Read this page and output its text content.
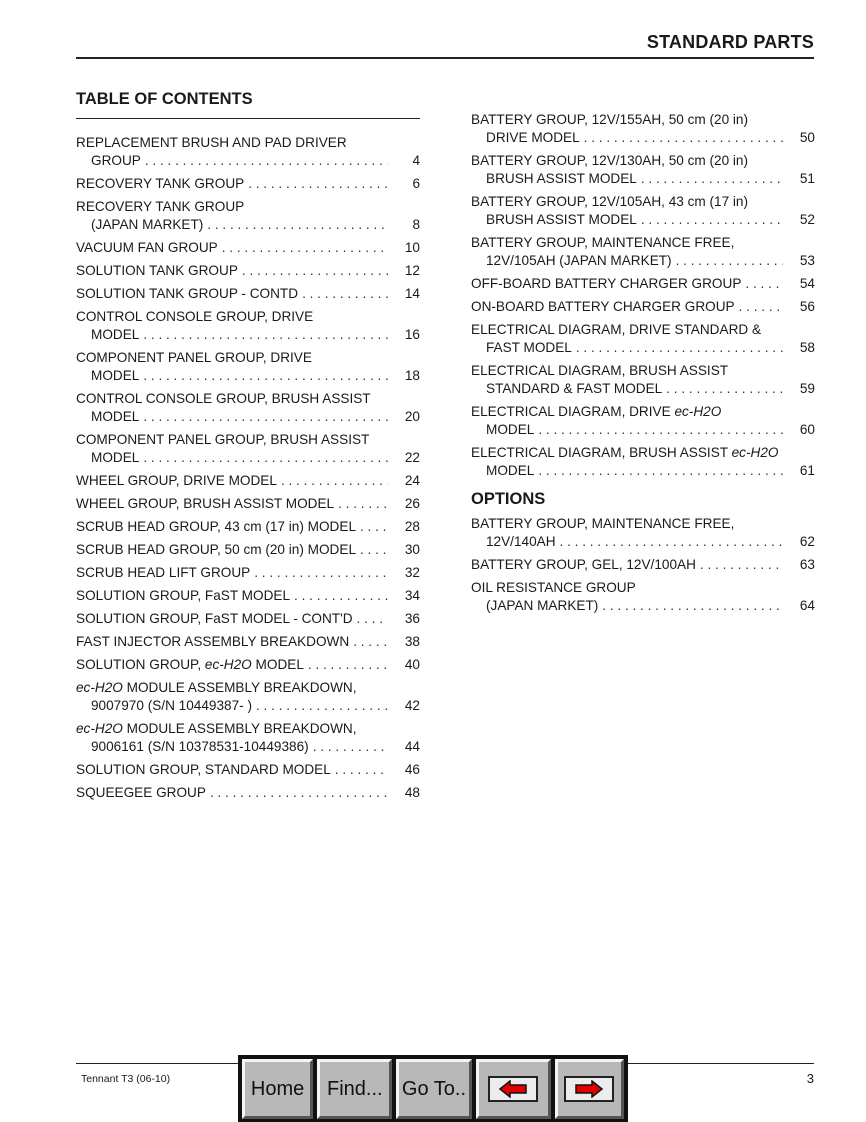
STANDARD PARTS
TABLE OF CONTENTS
REPLACEMENT BRUSH AND PAD DRIVER
GROUP . . .	4
RECOVERY TANK GROUP . . .	6
RECOVERY TANK GROUP
(JAPAN MARKET) . . .	8
VACUUM FAN GROUP . . .	10
SOLUTION TANK GROUP . . .	12
SOLUTION TANK GROUP - CONTD . . .	14
CONTROL CONSOLE GROUP, DRIVE
MODEL . . .	16
COMPONENT PANEL GROUP, DRIVE
MODEL . . .	18
CONTROL CONSOLE GROUP, BRUSH ASSIST
MODEL . . .	20
COMPONENT PANEL GROUP, BRUSH ASSIST
MODEL . . .	22
WHEEL GROUP, DRIVE MODEL . . .	24
WHEEL GROUP, BRUSH ASSIST MODEL . . .	26
SCRUB HEAD GROUP, 43 cm (17 in) MODEL . . .	28
SCRUB HEAD GROUP, 50 cm (20 in) MODEL . . .	30
SCRUB HEAD LIFT GROUP . . .	32
SOLUTION GROUP, FaST MODEL . . .	34
SOLUTION GROUP, FaST MODEL - CONT'D . . .	36
FAST INJECTOR ASSEMBLY BREAKDOWN . . .	38
SOLUTION GROUP, ec-H2O MODEL . . .	40
ec-H2O MODULE ASSEMBLY BREAKDOWN,
9007970 (S/N 10449387- ) . . .	42
ec-H2O MODULE ASSEMBLY BREAKDOWN,
9006161 (S/N 10378531-10449386) . . .	44
SOLUTION GROUP, STANDARD MODEL . . .	46
SQUEEGEE GROUP . . .	48
BATTERY GROUP, 12V/155AH, 50 cm (20 in)
DRIVE MODEL . . .	50
BATTERY GROUP, 12V/130AH, 50 cm (20 in)
BRUSH ASSIST MODEL . . .	51
BATTERY GROUP, 12V/105AH, 43 cm (17 in)
BRUSH ASSIST MODEL . . .	52
BATTERY GROUP, MAINTENANCE FREE,
12V/105AH (JAPAN MARKET) . . .	53
OFF-BOARD BATTERY CHARGER GROUP . . .	54
ON-BOARD BATTERY CHARGER GROUP . . .	56
ELECTRICAL DIAGRAM, DRIVE STANDARD &
FAST MODEL . . .	58
ELECTRICAL DIAGRAM, BRUSH ASSIST
STANDARD & FAST MODEL . . .	59
ELECTRICAL DIAGRAM, DRIVE ec-H2O
MODEL . . .	60
ELECTRICAL DIAGRAM, BRUSH ASSIST ec-H2O
MODEL . . .	61
OPTIONS
BATTERY GROUP, MAINTENANCE FREE,
12V/140AH . . .	62
BATTERY GROUP, GEL, 12V/100AH . . .	63
OIL RESISTANCE GROUP
(JAPAN MARKET) . . .	64
Tennant T3 (06-10)	3
Home	Find... Go To..
